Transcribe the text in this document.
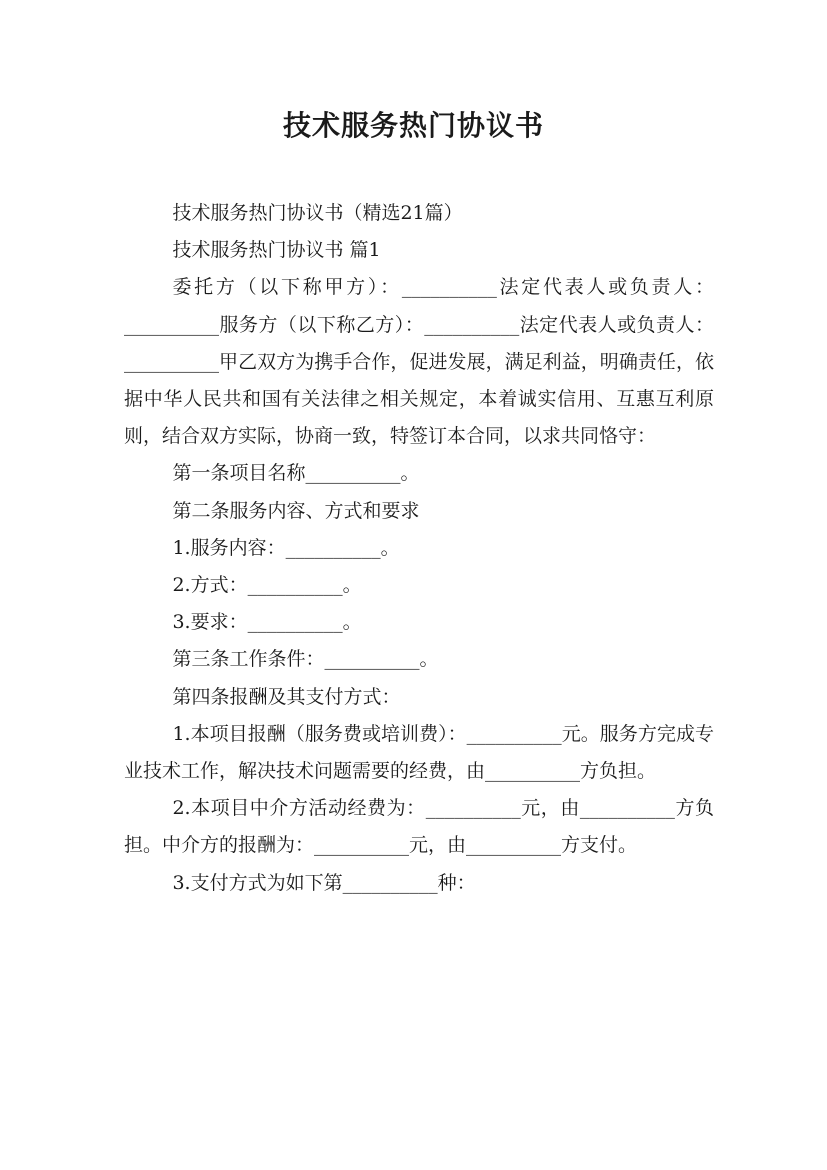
技术服务热门协议书

技术服务热门协议书（精选21篇）

技术服务热门协议书 篇1

委托方（以下称甲方）：__________法定代表人或负责人：__________服务方（以下称乙方）：__________法定代表人或负责人：__________甲乙双方为携手合作，促进发展，满足利益，明确责任，依据中华人民共和国有关法律之相关规定，本着诚实信用、互惠互利原则，结合双方实际，协商一致，特签订本合同，以求共同恪守：

第一条项目名称__________。

第二条服务内容、方式和要求

1.服务内容：__________。

2.方式：__________。

3.要求：__________。

第三条工作条件：__________。

第四条报酬及其支付方式：

1.本项目报酬（服务费或培训费）：__________元。服务方完成专业技术工作，解决技术问题需要的经费，由__________方负担。

2.本项目中介方活动经费为：__________元，由__________方负担。中介方的报酬为：__________元，由__________方支付。

3.支付方式为如下第__________种：
